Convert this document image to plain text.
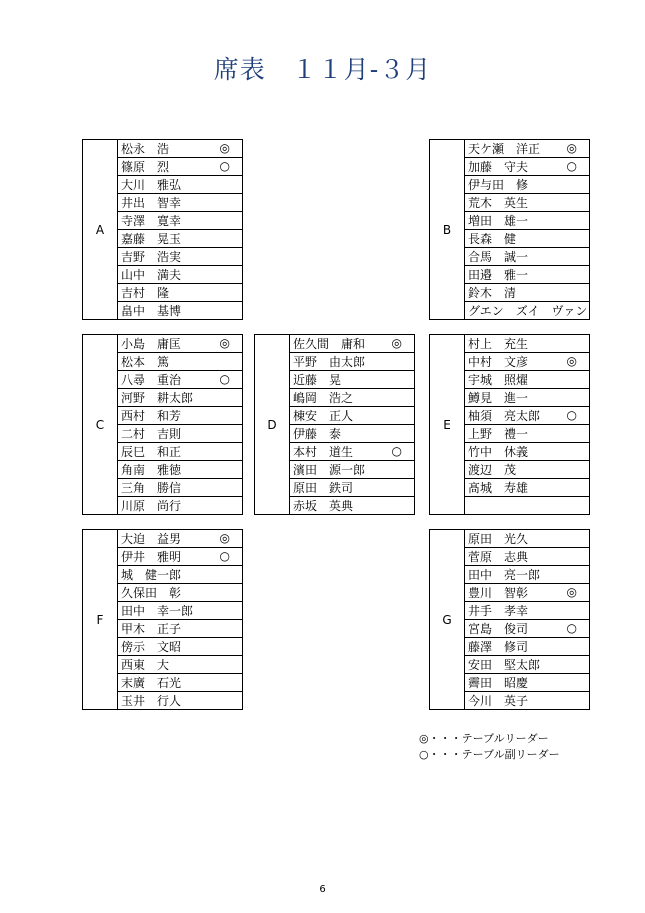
席表　１１月-３月
A	松永　浩	◎

篠原　烈	○

大川　雅弘

井出　智幸

寺澤　寛幸

嘉藤　晃玉

吉野　浩実

山中　満夫

吉村　隆

畠中　基博
B	天ケ瀬　洋正 ◎

加藤　守夫	○

伊与田　修

荒木　英生

増田　雄一

長森　健

合馬　誠一

田邉　雅一

鈴木　清

グエン　ズイ　ヴァン
C	小島　庸匡	◎

松本　篤

八尋　重治	○

河野　耕太郎

西村　和芳

二村　吉則

辰巳　和正

角南　雅徳

三角　勝信

川原　尚行
D	佐久間　庸和 ◎

平野　由太郎

近藤　晃

嶋岡　浩之

棟安　正人

伊藤　泰

本村　道生	○

濱田　源一郎

原田　鉄司

赤坂　英典
E	村上　充生

中村　文彦	◎

宇城　照燿

鱒見　進一

柚須　亮太郎 ○

上野　禮一

竹中　休義

渡辺　茂

髙城　寿雄

F	大迫　益男	◎

伊井　雅明	○

城　健一郎

久保田　彰

田中　幸一郎

甲木　正子

傍示　文昭

西東　大

末廣　石光

玉井　行人
G	原田　光久

菅原　志典

田中　亮一郎

豊川　智彰	◎

井手　孝幸

宮島　俊司	○

藤澤　修司

安田　堅太郎

霽田　昭慶

今川　英子
◎・・・テーブルリーダー
○・・・テーブル副リーダー
6
